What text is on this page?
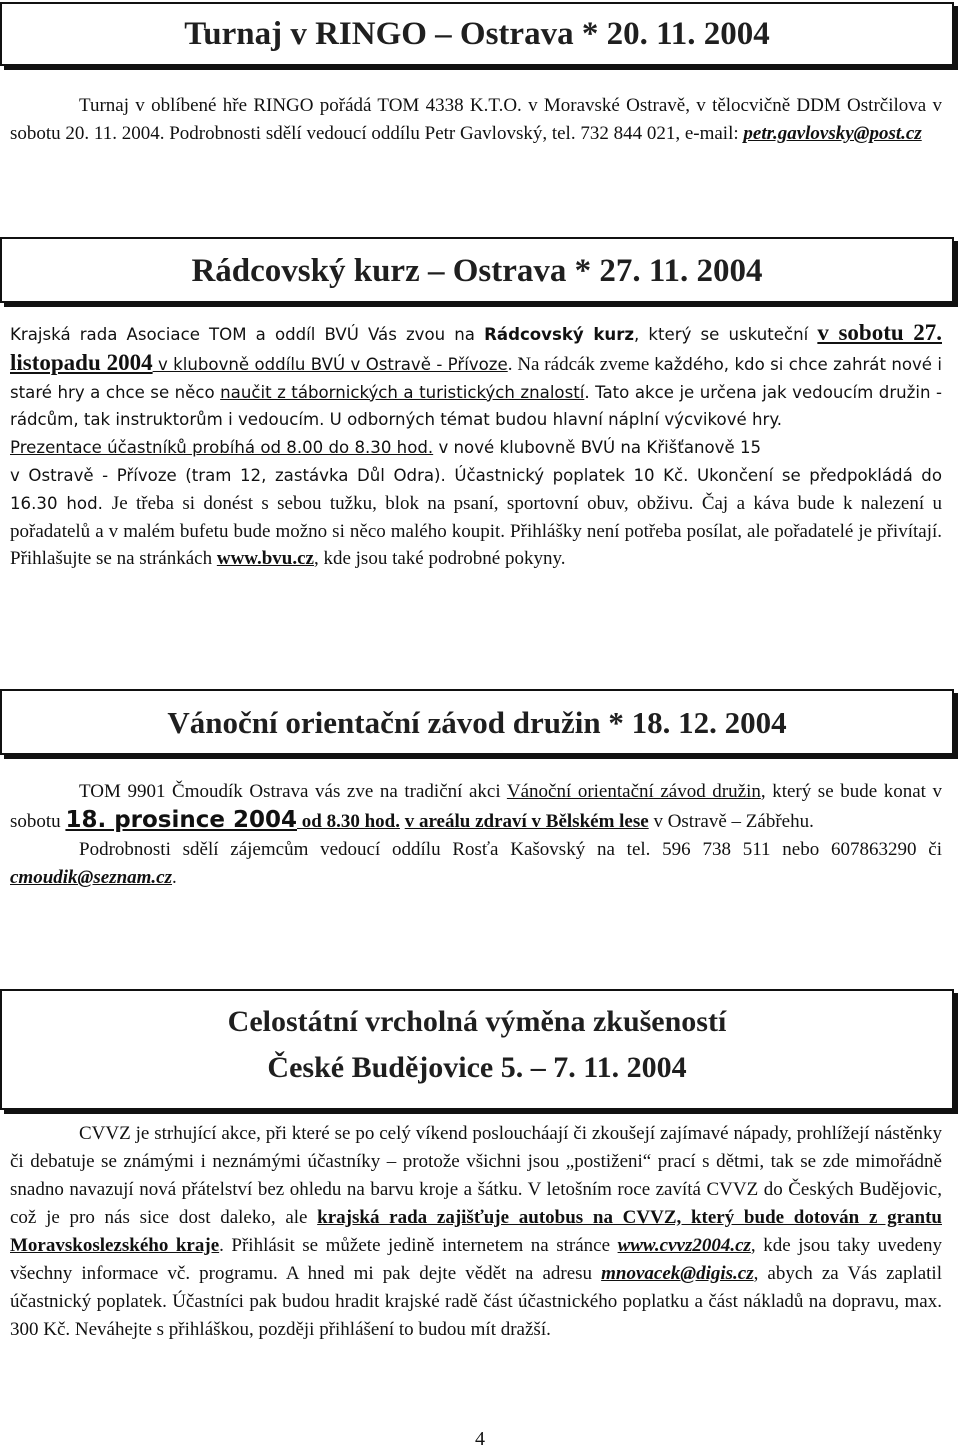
Turnaj v RINGO – Ostrava * 20. 11. 2004

Turnaj v oblíbené hře RINGO pořádá TOM 4338 K.T.O. v Moravské Ostravě, v tělocvičně DDM Ostrčilova v sobotu 20. 11. 2004. Podrobnosti sdělí vedoucí oddílu Petr Gavlovský, tel. 732 844 021, e-mail: petr.gavlovsky@post.cz

Rádcovský kurz – Ostrava * 27. 11. 2004

Krajská rada Asociace TOM a oddíl BVÚ Vás zvou na Rádcovský kurz, který se uskuteční v sobotu 27. listopadu 2004 v klubovně oddílu BVÚ v Ostravě - Přívoze. Na rádcák zveme každého, kdo si chce zahrát nové i staré hry a chce se něco naučit z tábornických a turistických znalostí. Tato akce je určena jak vedoucím družin - rádcům, tak instruktorům i vedoucím. U odborných témat budou hlavní náplní výcvikové hry.

Prezentace účastníků probíhá od 8.00 do 8.30 hod. v nové klubovně BVÚ na Křišťanově 15

v Ostravě - Přívoze (tram 12, zastávka Důl Odra). Účastnický poplatek 10 Kč. Ukončení se předpokládá do 16.30 hod. Je třeba si donést s sebou tužku, blok na psaní, sportovní obuv, obživu. Čaj a káva bude k nalezení u pořadatelů a v malém bufetu bude možno si něco malého koupit. Přihlášky není potřeba posílat, ale pořadatelé je přivítají. Přihlašujte se na stránkách www.bvu.cz, kde jsou také podrobné pokyny.

Vánoční orientační závod družin * 18. 12. 2004

TOM 9901 Čmoudík Ostrava vás zve na tradiční akci Vánoční orientační závod družin, který se bude konat v sobotu 18. prosince 2004 od 8.30 hod. v areálu zdraví v Bělském lese v Ostravě – Zábřehu.

Podrobnosti sdělí zájemcům vedoucí oddílu Rosťa Kašovský na tel. 596 738 511 nebo 607863290 či cmoudik@seznam.cz.

Celostátní vrcholná výměna zkušeností
České Budějovice 5. – 7. 11. 2004

CVVZ je strhující akce, při které se po celý víkend posloucháají či zkoušejí zajímavé nápady, prohlížejí nástěnky či debatuje se známými i neznámými účastníky – protože všichni jsou „postiženi“ prací s dětmi, tak se zde mimořádně snadno navazují nová přátelství bez ohledu na barvu kroje a šátku. V letošním roce zavítá CVVZ do Českých Budějovic, což je pro nás sice dost daleko, ale krajská rada zajišťuje autobus na CVVZ, který bude dotován z grantu Moravskoslezského kraje. Přihlásit se můžete jedině internetem na stránce www.cvvz2004.cz, kde jsou taky uvedeny všechny informace vč. programu. A hned mi pak dejte vědět na adresu mnovacek@digis.cz, abych za Vás zaplatil účastnický poplatek. Účastníci pak budou hradit krajské radě část účastnického poplatku a část nákladů na dopravu, max. 300 Kč. Neváhejte s přihláškou, později přihlášení to budou mít dražší.

4
